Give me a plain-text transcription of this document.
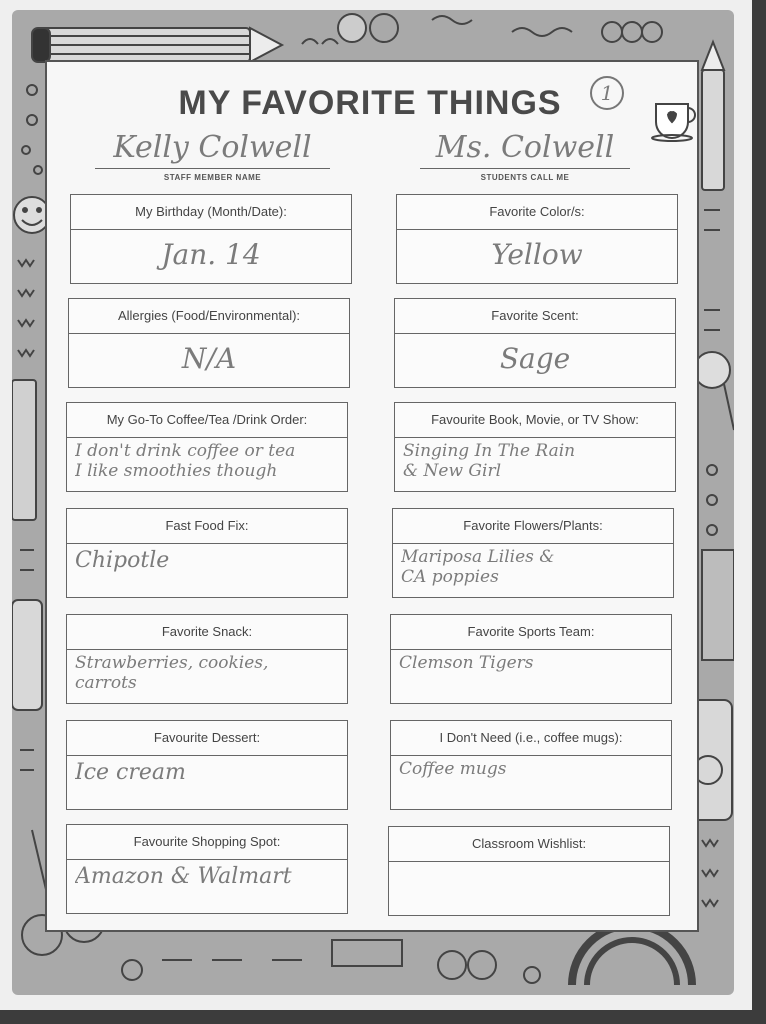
MY FAVORITE THINGS	1
Kelly Colwell
STAFF MEMBER NAME
Ms. Colwell
STUDENTS CALL ME
My Birthday (Month/Date):
Jan. 14
Allergies (Food/Environmental):
N/A
My Go-To Coffee/Tea /Drink Order:
I don't drink coffee or tea
I like smoothies though
Fast Food Fix:
Chipotle
Favorite Snack:
Strawberries, cookies,
carrots
Favourite Dessert:
Ice cream
Favourite Shopping Spot:
Amazon & Walmart
Favorite Color/s:
Yellow
Favorite Scent:
Sage
Favourite Book, Movie, or TV Show:
Singing In The Rain
& New Girl
Favorite Flowers/Plants:
Mariposa Lilies &
CA poppies
Favorite Sports Team:
Clemson Tigers
I Don't Need (i.e., coffee mugs):
Coffee mugs
Classroom Wishlist:
